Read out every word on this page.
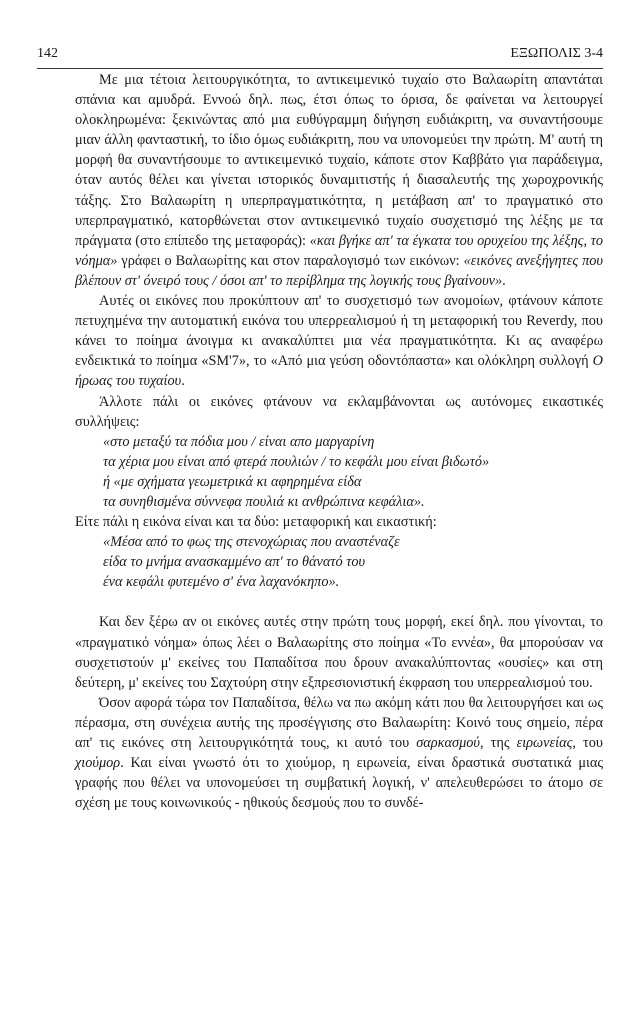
142	ΕΞΩΠΟΛΙΣ 3-4

Με μια τέτοια λειτουργικότητα, το αντικειμενικό τυχαίο στο Βαλαωρίτη απαντάται σπάνια και αμυδρά. Εννοώ δηλ. πως, έτσι όπως το όρισα, δε φαίνεται να λειτουργεί ολοκληρωμένα: ξεκινώντας από μια ευθύγραμμη διήγηση ευδιάκριτη, να συναντήσουμε μιαν άλλη φανταστική, το ίδιο όμως ευδιάκριτη, που να υπονομεύει την πρώτη. Μ' αυτή τη μορφή θα συναντήσουμε το αντικειμενικό τυχαίο, κάποτε στον Καββάτο για παράδειγμα, όταν αυτός θέλει και γίνεται ιστορικός δυναμιτιστής ή διασαλευτής της χωροχρονικής τάξης. Στο Βαλαωρίτη η υπερπραγματικότητα, η μετάβαση απ' το πραγματικό στο υπερπραγματικό, κατορθώνεται στον αντικειμενικό τυχαίο συσχετισμό της λέξης με τα πράγματα (στο επίπεδο της μεταφοράς): «και βγήκε απ' τα έγκατα του ορυχείου της λέξης, το νόημα» γράφει ο Βαλαωρίτης και στον παραλογισμό των εικόνων: «εικόνες ανεξήγητες που βλέπουν στ' όνειρό τους / όσοι απ' το περίβλημα της λογικής τους βγαίνουν».

Αυτές οι εικόνες που προκύπτουν απ' το συσχετισμό των ανομοίων, φτάνουν κάποτε πετυχημένα την αυτοματική εικόνα του υπερρεαλισμού ή τη μεταφορική του Reverdy, που κάνει το ποίημα άνοιγμα κι ανακαλύπτει μια νέα πραγματικότητα. Κι ας αναφέρω ενδεικτικά το ποίημα «SM'7», το «Από μια γεύση οδοντόπαστα» και ολόκληρη συλλογή Ο ήρωας του τυχαίου.

Άλλοτε πάλι οι εικόνες φτάνουν να εκλαμβάνονται ως αυτόνομες εικαστικές συλλήψεις:

«στο μεταξύ τα πόδια μου / είναι απο μαργαρίνη
τα χέρια μου είναι από φτερά πουλιών / το κεφάλι μου είναι βιδωτό»
ή «με σχήματα γεωμετρικά κι αφηρημένα είδα
τα συνηθισμένα σύννεφα πουλιά κι ανθρώπινα κεφάλια».

Είτε πάλι η εικόνα είναι και τα δύο: μεταφορική και εικαστική:

«Μέσα από το φως της στενοχώριας που αναστέναζε
είδα το μνήμα ανασκαμμένο απ' το θάνατό του
ένα κεφάλι φυτεμένο σ' ένα λαχανόκηπο».

Και δεν ξέρω αν οι εικόνες αυτές στην πρώτη τους μορφή, εκεί δηλ. που γίνονται, το «πραγματικό νόημα» όπως λέει ο Βαλαωρίτης στο ποίημα «Το εννέα», θα μπορούσαν να συσχετιστούν μ' εκείνες του Παπαδίτσα που δρουν ανακαλύπτοντας «ουσίες» και στη δεύτερη, μ' εκείνες του Σαχτούρη στην εξπρεσιονιστική έκφραση του υπερρεαλισμού του.

Όσον αφορά τώρα τον Παπαδίτσα, θέλω να πω ακόμη κάτι που θα λειτουργήσει και ως πέρασμα, στη συνέχεια αυτής της προσέγγισης στο Βαλαωρίτη: Κοινό τους σημείο, πέρα απ' τις εικόνες στη λειτουργικότητά τους, κι αυτό του σαρκασμού, της ειρωνείας, του χιούμορ. Και είναι γνωστό ότι το χιούμορ, η ειρωνεία, είναι δραστικά συστατικά μιας γραφής που θέλει να υπονομεύσει τη συμβατική λογική, ν' απελευθερώσει το άτομο σε σχέση με τους κοινωνικούς - ηθικούς δεσμούς που το συνδέ-
